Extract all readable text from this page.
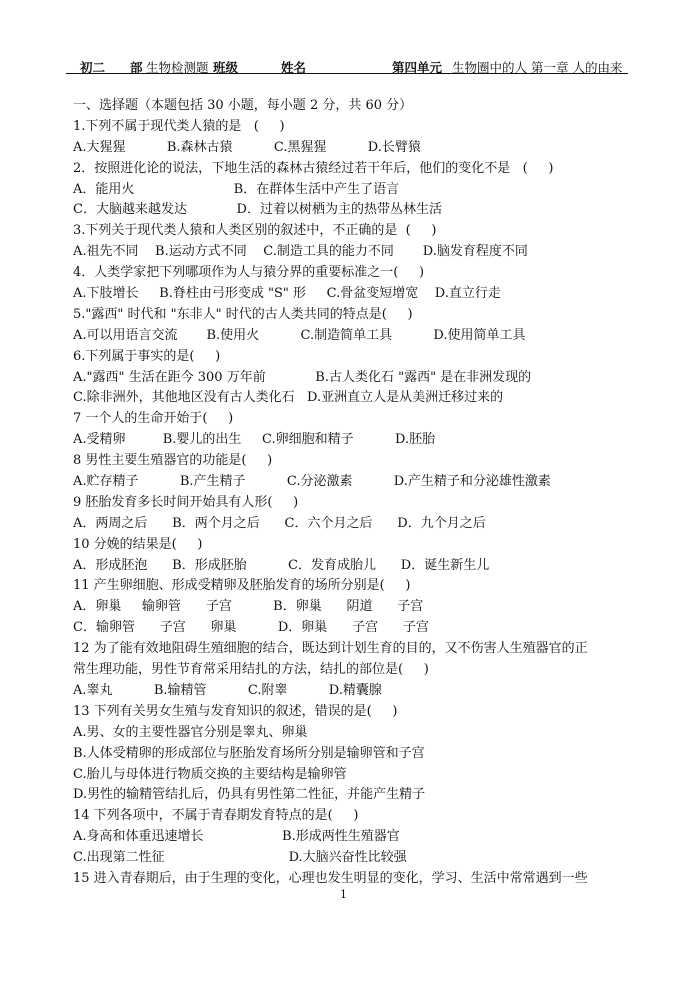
初二 部 生物检测题 班级	姓名	第四单元 生物圈中的人 第一章 人的由来
一、选择题（本题包括 30 小题，每小题 2 分，共 60 分）
1.下列不属于现代类人猿的是   (     )
A.大猩猩          B.森林古猿          C.黑猩猩          D.长臂猿
2．按照进化论的说法，下地生活的森林古猿经过若干年后，他们的变化不是   (     )
A．能用火                        B．在群体生活中产生了语言
C．大脑越来越发达            D．过着以树栖为主的热带丛林生活
3.下列关于现代类人猿和人类区别的叙述中，不正确的是  (     )
A.祖先不同    B.运动方式不同    C.制造工具的能力不同       D.脑发育程度不同
4．人类学家把下列哪项作为人与猿分界的重要标准之一(     )
A.下肢增长     B.脊柱由弓形变成 "S" 形     C.骨盆变短增宽    D.直立行走
5."露西" 时代和 "东非人" 时代的古人类共同的特点是(     )
A.可以用语言交流       B.使用火          C.制造简单工具          D.使用简单工具
6.下列属于事实的是(     )
A."露西" 生活在距今 300 万年前            B.古人类化石 "露西" 是在非洲发现的
C.除非洲外，其他地区没有古人类化石   D.亚洲直立人是从美洲迁移过来的
7 一个人的生命开始于(     )
A.受精卵         B.婴儿的出生     C.卵细胞和精子          D.胚胎
8 男性主要生殖器官的功能是(     )
A.贮存精子          B.产生精子          C.分泌激素          D.产生精子和分泌雄性激素
9 胚胎发育多长时间开始具有人形(     )
A．两周之后      B．两个月之后      C．六个月之后      D．九个月之后
10 分娩的结果是(     )
A．形成胚泡      B．形成胚胎          C．发育成胎儿      D．诞生新生儿
11 产生卵细胞、形成受精卵及胚胎发育的场所分别是(     )
A．卵巢     输卵管      子宫          B．卵巢      阴道      子宫
C．输卵管      子宫      卵巢          D．卵巢      子宫      子宫
12 为了能有效地阻碍生殖细胞的结合，既达到计划生育的目的，又不伤害人生殖器官的正
常生理功能，男性节育常采用结扎的方法，结扎的部位是(     )
A.睾丸          B.输精管          C.附睾          D.精囊腺
13 下列有关男女生殖与发育知识的叙述，错误的是(     )
A.男、女的主要性器官分别是睾丸、卵巢
B.人体受精卵的形成部位与胚胎发育场所分别是输卵管和子宫
C.胎儿与母体进行物质交换的主要结构是输卵管
D.男性的输精管结扎后，仍具有男性第二性征，并能产生精子
14 下列各项中，不属于青春期发育特点的是(     )
A.身高和体重迅速增长                   B.形成两性生殖器官
C.出现第二性征                              D.大脑兴奋性比较强
15 进入青春期后，由于生理的变化，心理也发生明显的变化，学习、生活中常常遇到一些
1
